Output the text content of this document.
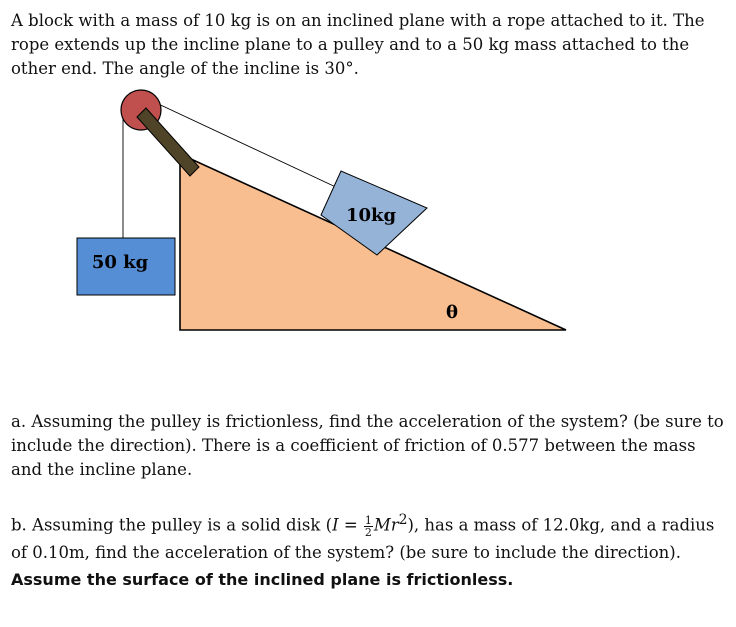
A block with a mass of 10 kg is on an inclined plane with a rope attached to it. The rope extends up the incline plane to a pulley and to a 50 kg mass attached to the other end. The angle of the incline is 30°.

10kg
θ
50 kg

a. Assuming the pulley is frictionless, find the acceleration of the system? (be sure to include the direction). There is a coefficient of friction of 0.577 between the mass and the incline plane.

b. Assuming the pulley is a solid disk $(I = \frac{1}{2} Mr^2)$, has a mass of 12.0kg, and a radius of 0.10m, find the acceleration of the system? (be sure to include the direction).
Assume the surface of the inclined plane is frictionless.
